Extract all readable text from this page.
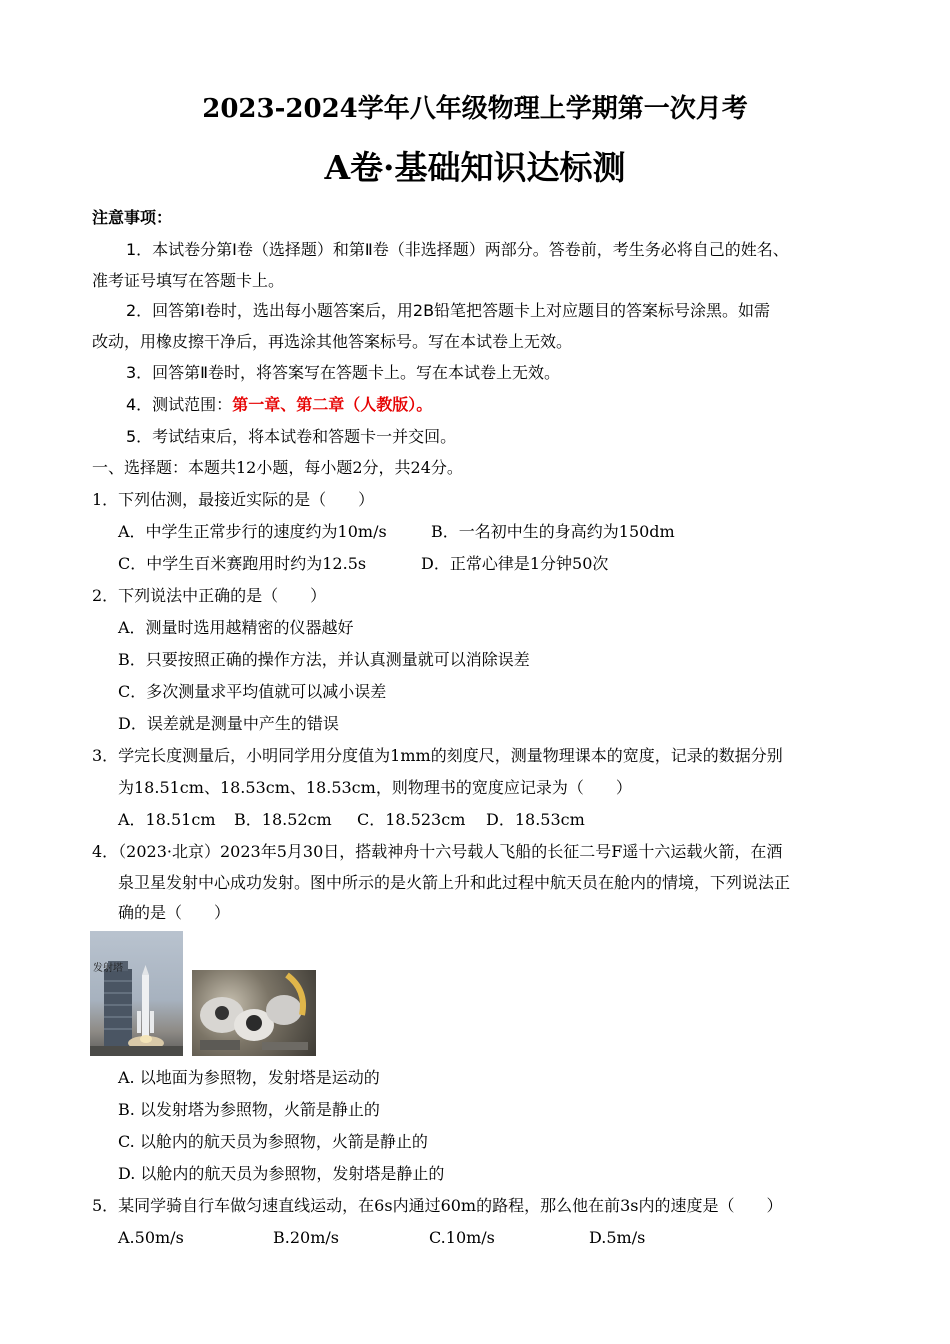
2023-2024学年八年级物理上学期第一次月考
A卷·基础知识达标测
注意事项：
1．本试卷分第Ⅰ卷（选择题）和第Ⅱ卷（非选择题）两部分。答卷前，考生务必将自己的姓名、
准考证号填写在答题卡上。
2．回答第Ⅰ卷时，选出每小题答案后，用2B铅笔把答题卡上对应题目的答案标号涂黑。如需
改动，用橡皮擦干净后，再选涂其他答案标号。写在本试卷上无效。
3．回答第Ⅱ卷时，将答案写在答题卡上。写在本试卷上无效。
4．测试范围：第一章、第二章（人教版）。
5．考试结束后，将本试卷和答题卡一并交回。
一、选择题：本题共12小题，每小题2分，共24分。
1．下列估测，最接近实际的是（　　）
A．中学生正常步行的速度约为10m/s	B．一名初中生的身高约为150dm
C．中学生百米赛跑用时约为12.5s	D．正常心律是1分钟50次
2．下列说法中正确的是（　　）
A．测量时选用越精密的仪器越好
B．只要按照正确的操作方法，并认真测量就可以消除误差
C．多次测量求平均值就可以减小误差
D．误差就是测量中产生的错误
3．学完长度测量后，小明同学用分度值为1mm的刻度尺，测量物理课本的宽度，记录的数据分别
为18.51cm、18.53cm、18.53cm，则物理书的宽度应记录为（　　）
A．18.51cm B．18.52cm C．18.523cm D．18.53cm
4．（2023·北京）2023年5月30日，搭载神舟十六号载人飞船的长征二号F遥十六运载火箭，在酒
泉卫星发射中心成功发射。图中所示的是火箭上升和此过程中航天员在舱内的情境，下列说法正
确的是（　　）
发射塔
A. 以地面为参照物，发射塔是运动的
B. 以发射塔为参照物，火箭是静止的
C. 以舱内的航天员为参照物，火箭是静止的
D. 以舱内的航天员为参照物，发射塔是静止的
5．某同学骑自行车做匀速直线运动，在6s内通过60m的路程，那么他在前3s内的速度是（　　）
A.50m/s	B.20m/s	C.10m/s	D.5m/s
